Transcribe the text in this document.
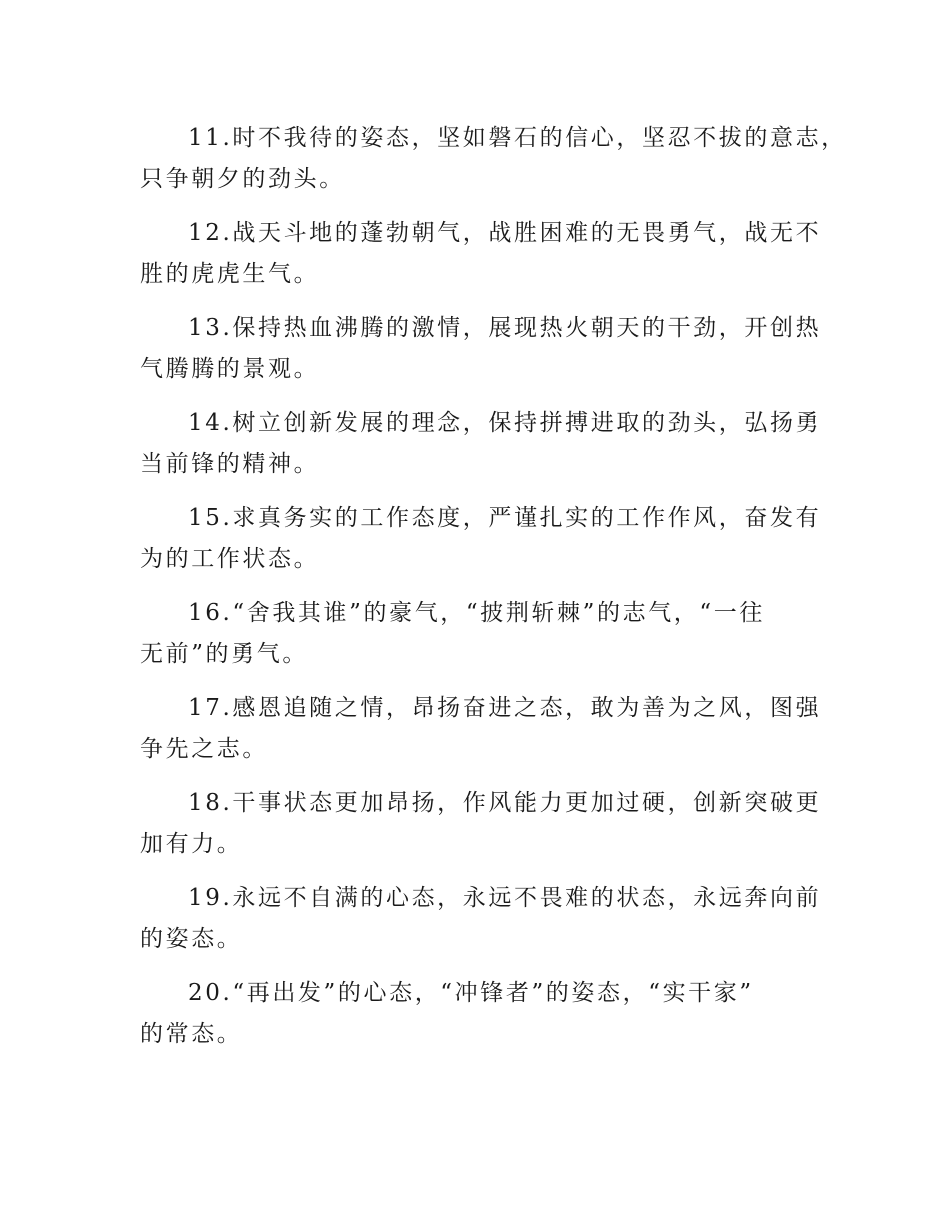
11.时不我待的姿态，坚如磐石的信心，坚忍不拔的意志，
只争朝夕的劲头。
12.战天斗地的蓬勃朝气，战胜困难的无畏勇气，战无不
胜的虎虎生气。
13.保持热血沸腾的激情，展现热火朝天的干劲，开创热
气腾腾的景观。
14.树立创新发展的理念，保持拼搏进取的劲头，弘扬勇
当前锋的精神。
15.求真务实的工作态度，严谨扎实的工作作风，奋发有
为的工作状态。
16.“舍我其谁”的豪气，“披荆斩棘”的志气，“一往
无前”的勇气。
17.感恩追随之情，昂扬奋进之态，敢为善为之风，图强
争先之志。
18.干事状态更加昂扬，作风能力更加过硬，创新突破更
加有力。
19.永远不自满的心态，永远不畏难的状态，永远奔向前
的姿态。
20.“再出发”的心态，“冲锋者”的姿态，“实干家”
的常态。
